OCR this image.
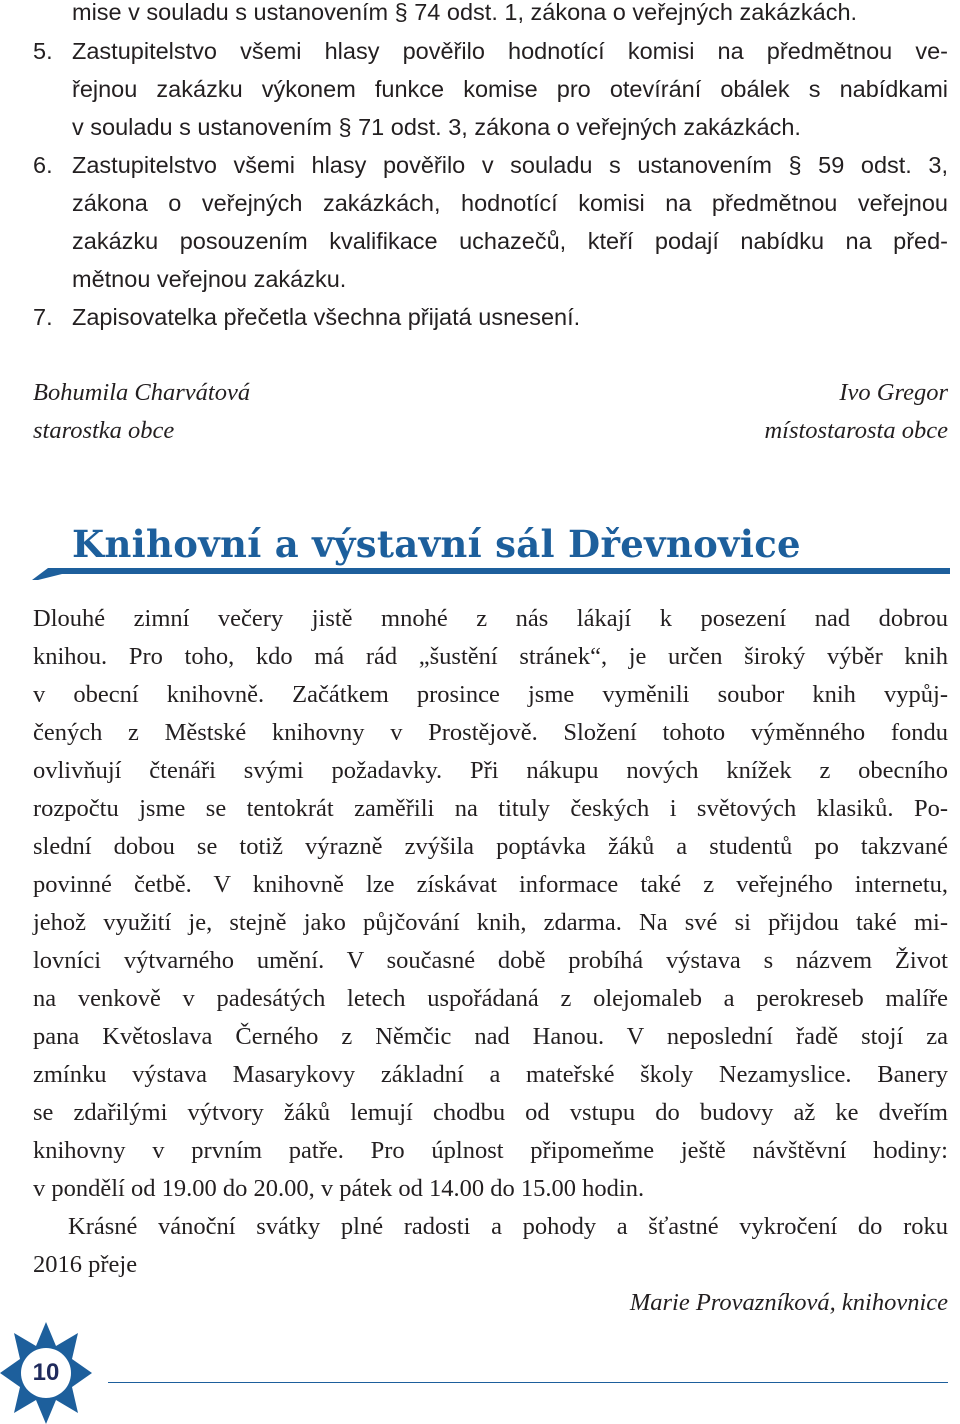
mise v souladu s ustanovením § 74 odst. 1, zákona o veřejných zakázkách.
5. Zastupitelstvo všemi hlasy pověřilo hodnotící komisi na předmětnou ve-
řejnou zakázku výkonem funkce komise pro otevírání obálek s nabídkami
v souladu s ustanovením § 71 odst. 3, zákona o veřejných zakázkách.
6. Zastupitelstvo všemi hlasy pověřilo v souladu s ustanovením § 59 odst. 3,
zákona o veřejných zakázkách, hodnotící komisi na předmětnou veřejnou
zakázku posouzením kvalifikace uchazečů, kteří podají nabídku na před-
mětnou veřejnou zakázku.
7. Zapisovatelka přečetla všechna přijatá usnesení.
Bohumila Charvátová
starostka obce
Ivo Gregor
místostarosta obce
Knihovní a výstavní sál Dřevnovice
Dlouhé zimní večery jistě mnohé z nás lákají k posezení nad dobrou
knihou. Pro toho, kdo má rád „šustění stránek“, je určen široký výběr knih
v obecní knihovně. Začátkem prosince jsme vyměnili soubor knih vypůj-
čených z Městské knihovny v Prostějově. Složení tohoto výměnného fondu
ovlivňují čtenáři svými požadavky. Při nákupu nových knížek z obecního
rozpočtu jsme se tentokrát zaměřili na tituly českých i světových klasiků. Po-
slední dobou se totiž výrazně zvýšila poptávka žáků a studentů po takzvané
povinné četbě. V knihovně lze získávat informace také z veřejného internetu,
jehož využití je, stejně jako půjčování knih, zdarma. Na své si přijdou také mi-
lovníci výtvarného umění. V současné době probíhá výstava s názvem Život
na venkově v padesátých letech uspořádaná z olejomaleb a perokreseb malíře
pana Květoslava Černého z Němčic nad Hanou. V neposlední řadě stojí za
zmínku výstava Masarykovy základní a mateřské školy Nezamyslice. Banery
se zdařilými výtvory žáků lemují chodbu od vstupu do budovy až ke dveřím
knihovny v prvním patře. Pro úplnost připomeňme ještě návštěvní hodiny:
v pondělí od 19.00 do 20.00, v pátek od 14.00 do 15.00 hodin.
Krásné vánoční svátky plné radosti a pohody a šťastné vykročení do roku
2016 přeje
Marie Provazníková, knihovnice
10
